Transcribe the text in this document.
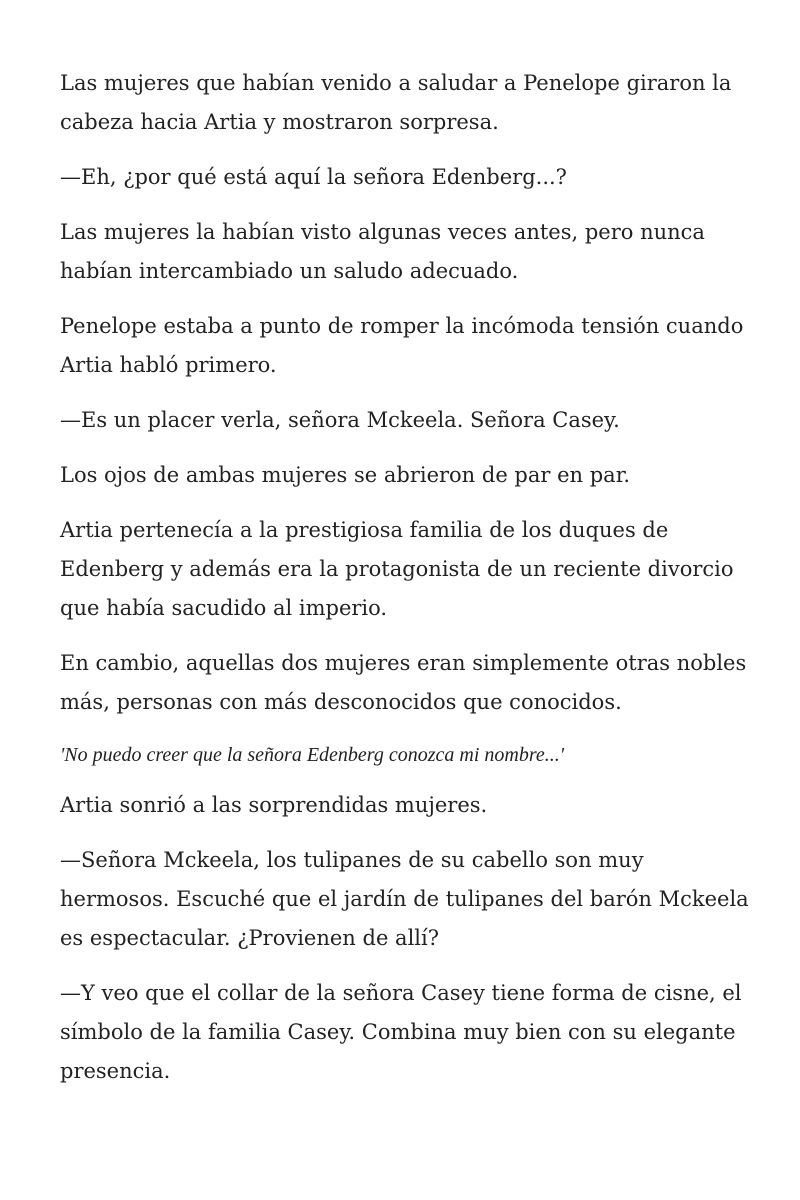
Las mujeres que habían venido a saludar a Penelope giraron la cabeza hacia Artia y mostraron sorpresa.

—Eh, ¿por qué está aquí la señora Edenberg...?

Las mujeres la habían visto algunas veces antes, pero nunca habían intercambiado un saludo adecuado.

Penelope estaba a punto de romper la incómoda tensión cuando Artia habló primero.

—Es un placer verla, señora Mckeela. Señora Casey.

Los ojos de ambas mujeres se abrieron de par en par.

Artia pertenecía a la prestigiosa familia de los duques de Edenberg y además era la protagonista de un reciente divorcio que había sacudido al imperio.

En cambio, aquellas dos mujeres eran simplemente otras nobles más, personas con más desconocidos que conocidos.

'No puedo creer que la señora Edenberg conozca mi nombre...'

Artia sonrió a las sorprendidas mujeres.

—Señora Mckeela, los tulipanes de su cabello son muy hermosos. Escuché que el jardín de tulipanes del barón Mckeela es espectacular. ¿Provienen de allí?

—Y veo que el collar de la señora Casey tiene forma de cisne, el símbolo de la familia Casey. Combina muy bien con su elegante presencia.
